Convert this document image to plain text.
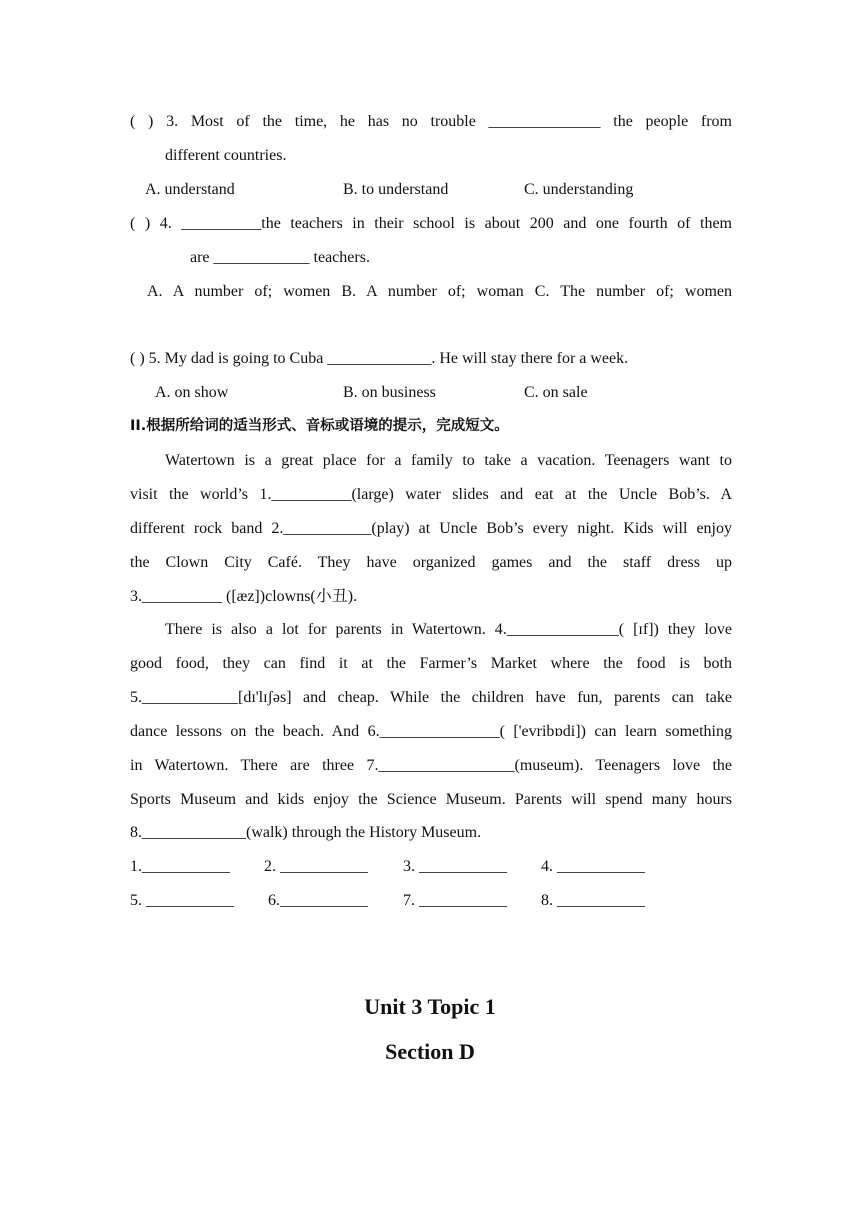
( ) 3. Most of the time, he has no trouble ______________ the people from
different countries.
A. understand	B. to understand	C. understanding
( ) 4. __________the teachers in their school is about 200 and one fourth of them
are ____________ teachers.
A. A number of; women B. A number of; woman C. The number of; women
( ) 5. My dad is going to Cuba _____________. He will stay there for a week.
A. on show	B. on business	C. on sale
II.根据所给词的适当形式、音标或语境的提示，完成短文。
Watertown is a great place for a family to take a vacation. Teenagers want to
visit the world’s 1.__________(large) water slides and eat at the Uncle Bob’s. A
different rock band 2.___________(play) at Uncle Bob’s every night. Kids will enjoy
the Clown City Café. They have organized games and the staff dress up
3.__________ ([æz])clowns(小丑).
There is also a lot for parents in Watertown. 4.______________( [ɪf]) they love
good food, they can find it at the Farmer’s Market where the food is both
5.____________[dɪ'lɪʃəs] and cheap. While the children have fun, parents can take
dance lessons on the beach. And 6._______________( ['evribɒdi]) can learn something
in Watertown. There are three 7._________________(museum). Teenagers love the
Sports Museum and kids enjoy the Science Museum. Parents will spend many hours
8._____________(walk) through the History Museum.
1.___________ 2. ___________ 3. ___________ 4. ___________
5. ___________ 6.___________ 7. ___________ 8. ___________
Unit 3 Topic 1
Section D
